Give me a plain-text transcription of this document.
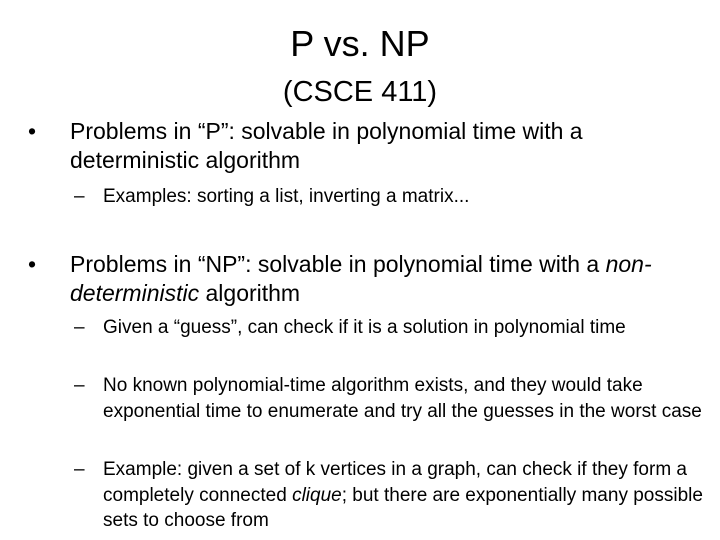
P vs. NP
(CSCE 411)
• Problems in “P”: solvable in polynomial time with a deterministic algorithm
– Examples: sorting a list, inverting a matrix...
• Problems in “NP”: solvable in polynomial time with a non-deterministic algorithm
– Given a “guess”, can check if it is a solution in polynomial time
– No known polynomial-time algorithm exists, and they would take exponential time to enumerate and try all the guesses in the worst case
– Example: given a set of k vertices in a graph, can check if they form a completely connected clique; but there are exponentially many possible sets to choose from
